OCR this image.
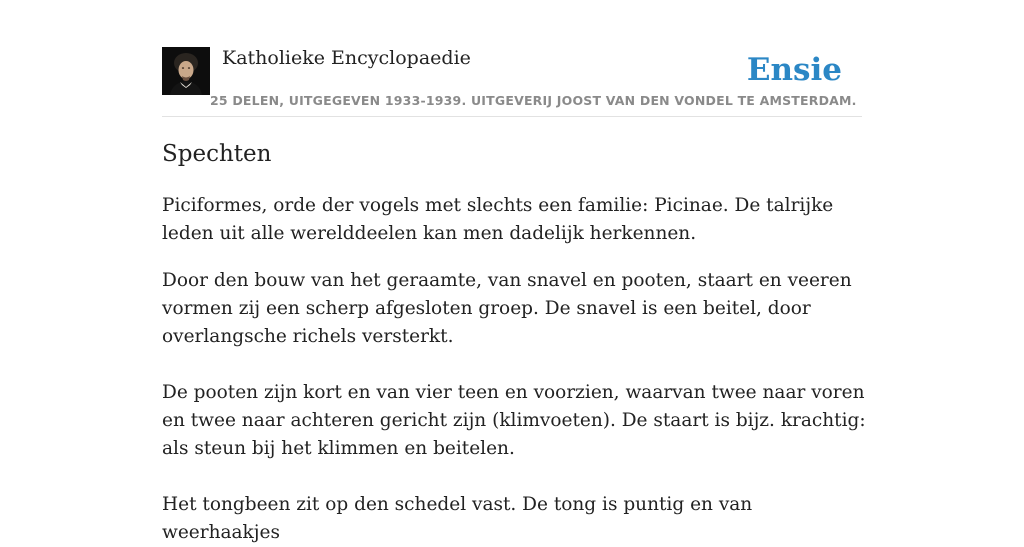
Katholieke Encyclopaedie
25 DELEN, UITGEGEVEN 1933-1939. UITGEVERIJ JOOST VAN DEN VONDEL TE AMSTERDAM.
Ensie
Spechten

Piciformes, orde der vogels met slechts een familie: Picinae. De talrijke leden uit alle werelddeelen kan men dadelijk herkennen.

Door den bouw van het geraamte, van snavel en pooten, staart en veeren vormen zij een scherp afgesloten groep. De snavel is een beitel, door overlangsche richels versterkt.

De pooten zijn kort en van vier teen en voorzien, waarvan twee naar voren en twee naar achteren gericht zijn (klimvoeten). De staart is bijz. krachtig: als steun bij het klimmen en beitelen.

Het tongbeen zit op den schedel vast. De tong is puntig en van weerhaakjes
